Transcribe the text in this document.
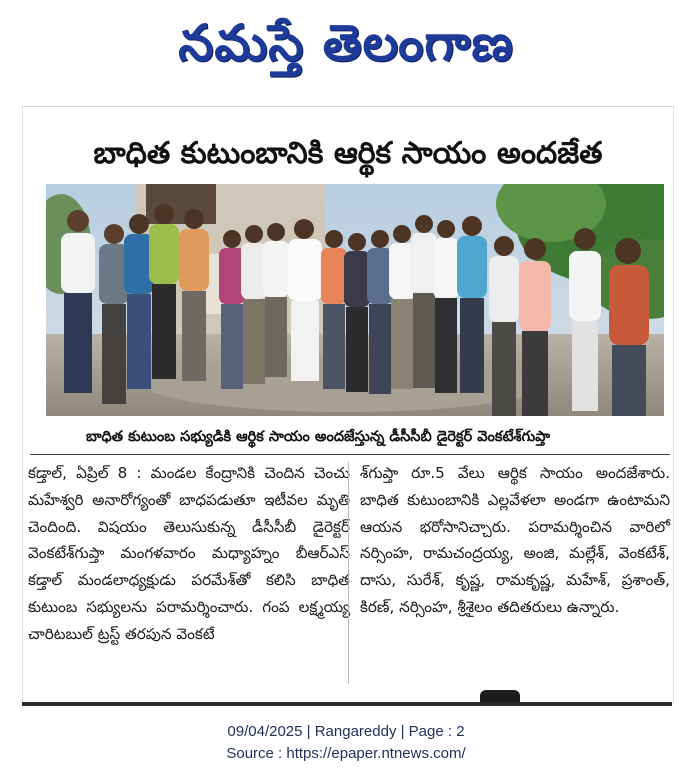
నమస్తే తెలంగాణ
బాధిత కుటుంబానికి ఆర్థిక సాయం అందజేత
బాధిత కుటుంబ సభ్యుడికి ఆర్థిక సాయం అందజేస్తున్న డీసీసీబీ డైరెక్టర్ వెంకటేశ్‌గుప్తా
కడ్తాల్, ఏప్రిల్ 8 : మండల కేంద్రానికి చెందిన చెంచు మహేశ్వరి అనారోగ్యంతో బాధపడుతూ ఇటీవల మృతి చెందింది. విషయం తెలుసుకున్న డీసీసీబీ డైరెక్టర్ వెంకటేశ్‌గుప్తా మంగళవారం మధ్యాహ్నం బీఆర్‌ఎస్ కడ్తాల్ మండలాధ్యక్షుడు పరమేశ్‌తో కలిసి బాధిత కుటుంబ సభ్యులను పరామర్శించారు. గంప లక్ష్మయ్య చారిటబుల్ ట్రస్ట్ తరపున వెంకటే
శ్‌గుప్తా రూ.5 వేలు ఆర్థిక సాయం అందజేశారు. బాధిత కుటుంబానికి ఎల్లవేళలా అండగా ఉంటామని ఆయన భరోసానిచ్చారు. పరామర్శించిన వారిలో నర్సింహ, రామచంద్రయ్య, అంజి, మల్లేశ్, వెంకటేశ్, దాసు, సురేశ్, కృష్ణ, రామకృష్ణ, మహేశ్, ప్రశాంత్, కిరణ్, నర్సింహ, శ్రీశైలం తదితరులు ఉన్నారు.
09/04/2025 | Rangareddy | Page : 2
Source : https://epaper.ntnews.com/
